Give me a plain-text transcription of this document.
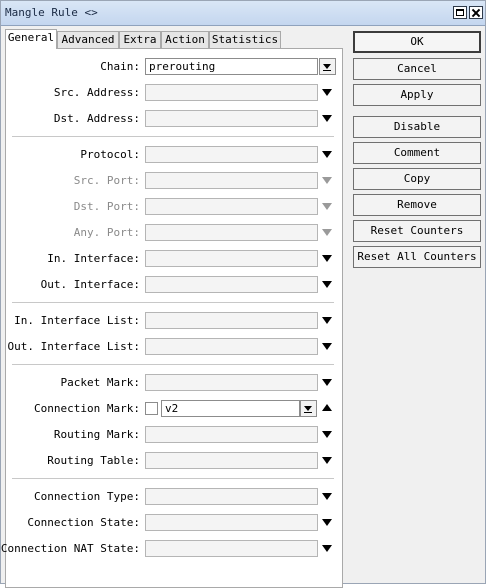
Mangle Rule <>
General Advanced Extra Action Statistics
Chain: prerouting
Src. Address:
Dst. Address:
Protocol:
Src. Port:
Dst. Port:
Any. Port:
In. Interface:
Out. Interface:
In. Interface List:
Out. Interface List:
Packet Mark:
Connection Mark:	v2
Routing Mark:
Routing Table:
Connection Type:
Connection State:
Connection NAT State:
OK
Cancel
Apply
Disable
Comment
Copy
Remove
Reset Counters
Reset All Counters
